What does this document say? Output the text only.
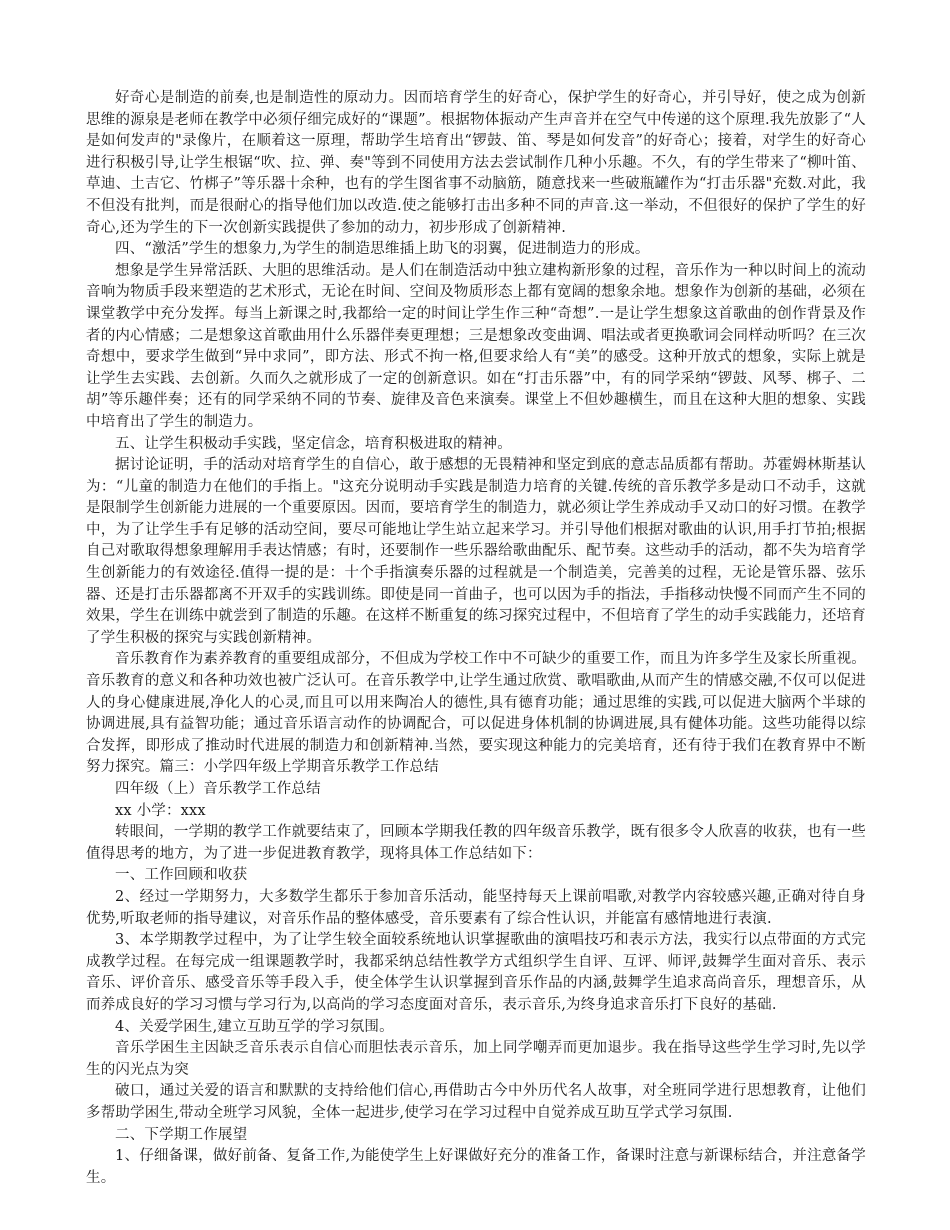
好奇心是制造的前奏,也是制造性的原动力。因而培育学生的好奇心，保护学生的好奇心，并引导好，使之成为创新思维的源泉是老师在教学中必须仔细完成好的“课题”。根据物体振动产生声音并在空气中传递的这个原理.我先放影了“人是如何发声的"录像片，在顺着这一原理，帮助学生培育出“锣鼓、笛、琴是如何发音”的好奇心；接着，对学生的好奇心进行积极引导,让学生根锯“吹、拉、弹、奏"等到不同使用方法去尝试制作几种小乐趣。不久，有的学生带来了“柳叶笛、草迪、土吉它、竹梆子”等乐器十余种，也有的学生图省事不动脑筋，随意找来一些破瓶罐作为“打击乐器"充数.对此，我不但没有批判，而是很耐心的指导他们加以改造.使之能够打击出多种不同的声音.这一举动，不但很好的保护了学生的好奇心,还为学生的下一次创新实践提供了参加的动力，初步形成了创新精神.

四、“激活”学生的想象力,为学生的制造思维插上助飞的羽翼，促进制造力的形成。

想象是学生异常活跃、大胆的思维活动。是人们在制造活动中独立建构新形象的过程，音乐作为一种以时间上的流动音响为物质手段来塑造的艺术形式，无论在时间、空间及物质形态上都有宽阔的想象余地。想象作为创新的基础，必须在课堂教学中充分发挥。每当上新课之时,我都给一定的时间让学生作三种“奇想”.一是让学生想象这首歌曲的创作背景及作者的内心情感；二是想象这首歌曲用什么乐器伴奏更理想；三是想象改变曲调、唱法或者更换歌词会同样动听吗？在三次奇想中，要求学生做到“异中求同”，即方法、形式不拘一格,但要求给人有“美”的感受。这种开放式的想象，实际上就是让学生去实践、去创新。久而久之就形成了一定的创新意识。如在“打击乐器”中，有的同学采纳“锣鼓、风琴、梆子、二胡”等乐趣伴奏；还有的同学采纳不同的节奏、旋律及音色来演奏。课堂上不但妙趣横生，而且在这种大胆的想象、实践中培育出了学生的制造力。

五、让学生积极动手实践，坚定信念，培育积极进取的精神。

据讨论证明，手的活动对培育学生的自信心，敢于感想的无畏精神和坚定到底的意志品质都有帮助。苏霍姆林斯基认为：“儿童的制造力在他们的手指上。"这充分说明动手实践是制造力培育的关键.传统的音乐教学多是动口不动手，这就是限制学生创新能力进展的一个重要原因。因而，要培育学生的制造力，就必须让学生养成动手又动口的好习惯。在教学中，为了让学生手有足够的活动空间，要尽可能地让学生站立起来学习。并引导他们根据对歌曲的认识,用手打节拍;根据自己对歌取得想象理解用手表达情感；有时，还要制作一些乐器给歌曲配乐、配节奏。这些动手的活动，都不失为培育学生创新能力的有效途径.值得一提的是：十个手指演奏乐器的过程就是一个制造美，完善美的过程，无论是管乐器、弦乐器、还是打击乐器都离不开双手的实践训练。即使是同一首曲子，也可以因为手的指法，手指移动快慢不同而产生不同的效果，学生在训练中就尝到了制造的乐趣。在这样不断重复的练习探究过程中，不但培育了学生的动手实践能力，还培育了学生积极的探究与实践创新精神。

音乐教育作为素养教育的重要组成部分，不但成为学校工作中不可缺少的重要工作，而且为许多学生及家长所重视。音乐教育的意义和各种功效也被广泛认可。在音乐教学中,让学生通过欣赏、歌唱歌曲,从而产生的情感交融,不仅可以促进人的身心健康进展,净化人的心灵,而且可以用来陶冶人的德性,具有德育功能；通过思维的实践,可以促进大脑两个半球的协调进展,具有益智功能；通过音乐语言动作的协调配合，可以促进身体机制的协调进展,具有健体功能。这些功能得以综合发挥，即形成了推动时代进展的制造力和创新精神.当然，要实现这种能力的完美培育，还有待于我们在教育界中不断努力探究。篇三：小学四年级上学期音乐教学工作总结

四年级（上）音乐教学工作总结

xx 小学：xxx

转眼间，一学期的教学工作就要结束了，回顾本学期我任教的四年级音乐教学，既有很多令人欣喜的收获，也有一些值得思考的地方，为了进一步促进教育教学，现将具体工作总结如下：

一、工作回顾和收获

2、经过一学期努力，大多数学生都乐于参加音乐活动，能坚持每天上课前唱歌,对教学内容较感兴趣,正确对待自身优势,听取老师的指导建议，对音乐作品的整体感受，音乐要素有了综合性认识，并能富有感情地进行表演.

3、本学期教学过程中，为了让学生较全面较系统地认识掌握歌曲的演唱技巧和表示方法，我实行以点带面的方式完成教学过程。在每完成一组课题教学时，我都采纳总结性教学方式组织学生自评、互评、师评,鼓舞学生面对音乐、表示音乐、评价音乐、感受音乐等手段入手，使全体学生认识掌握到音乐作品的内涵,鼓舞学生追求高尚音乐，理想音乐，从而养成良好的学习习惯与学习行为,以高尚的学习态度面对音乐，表示音乐,为终身追求音乐打下良好的基础.

4、关爱学困生,建立互助互学的学习氛围。

音乐学困生主因缺乏音乐表示自信心而胆怯表示音乐，加上同学嘲弄而更加退步。我在指导这些学生学习时,先以学生的闪光点为突

破口，通过关爱的语言和默默的支持给他们信心,再借助古今中外历代名人故事，对全班同学进行思想教育，让他们多帮助学困生,带动全班学习风貌，全体一起进步,使学习在学习过程中自觉养成互助互学式学习氛围.

二、下学期工作展望

1、仔细备课，做好前备、复备工作,为能使学生上好课做好充分的准备工作，备课时注意与新课标结合，并注意备学生。
